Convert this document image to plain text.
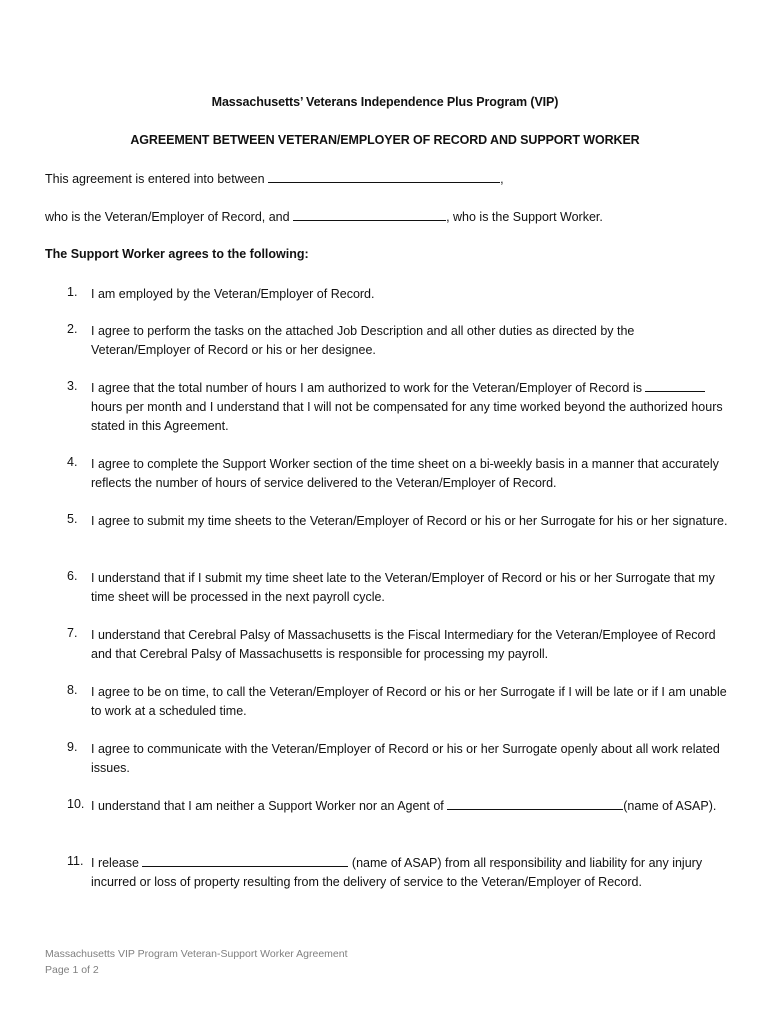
Massachusetts’ Veterans Independence Plus Program (VIP)
AGREEMENT BETWEEN VETERAN/EMPLOYER OF RECORD AND SUPPORT WORKER
This agreement is entered into between	,
who is the Veteran/Employer of Record, and	, who is the Support Worker.
The Support Worker agrees to the following:
1.	I am employed by the Veteran/Employer of Record.
2.	I agree to perform the tasks on the attached Job Description and all other duties as directed by the Veteran/Employer of Record or his or her designee.
3.	I agree that the total number of hours I am authorized to work for the Veteran/Employer of Record is hours per month and I understand that I will not be compensated for any time worked beyond the authorized hours stated in this Agreement.
4.	I agree to complete the Support Worker section of the time sheet on a bi-weekly basis in a manner that accurately reflects the number of hours of service delivered to the Veteran/Employer of Record.
5.	I agree to submit my time sheets to the Veteran/Employer of Record or his or her Surrogate for his or her signature.
6.	I understand that if I submit my time sheet late to the Veteran/Employer of Record or his or her Surrogate that my time sheet will be processed in the next payroll cycle.
7.	I understand that Cerebral Palsy of Massachusetts is the Fiscal Intermediary for the Veteran/Employee of Record and that Cerebral Palsy of Massachusetts is responsible for processing my payroll.
8.	I agree to be on time, to call the Veteran/Employer of Record or his or her Surrogate if I will be late or if I am unable to work at a scheduled time.
9.	I agree to communicate with the Veteran/Employer of Record or his or her Surrogate openly about all work related issues.
10. I understand that I am neither a Support Worker nor an Agent of	(name of ASAP).
11. I release	(name of ASAP) from all responsibility and liability for any injury incurred or loss of property resulting from the delivery of service to the Veteran/Employer of Record.
Massachusetts VIP Program Veteran-Support Worker Agreement
Page 1 of 2
